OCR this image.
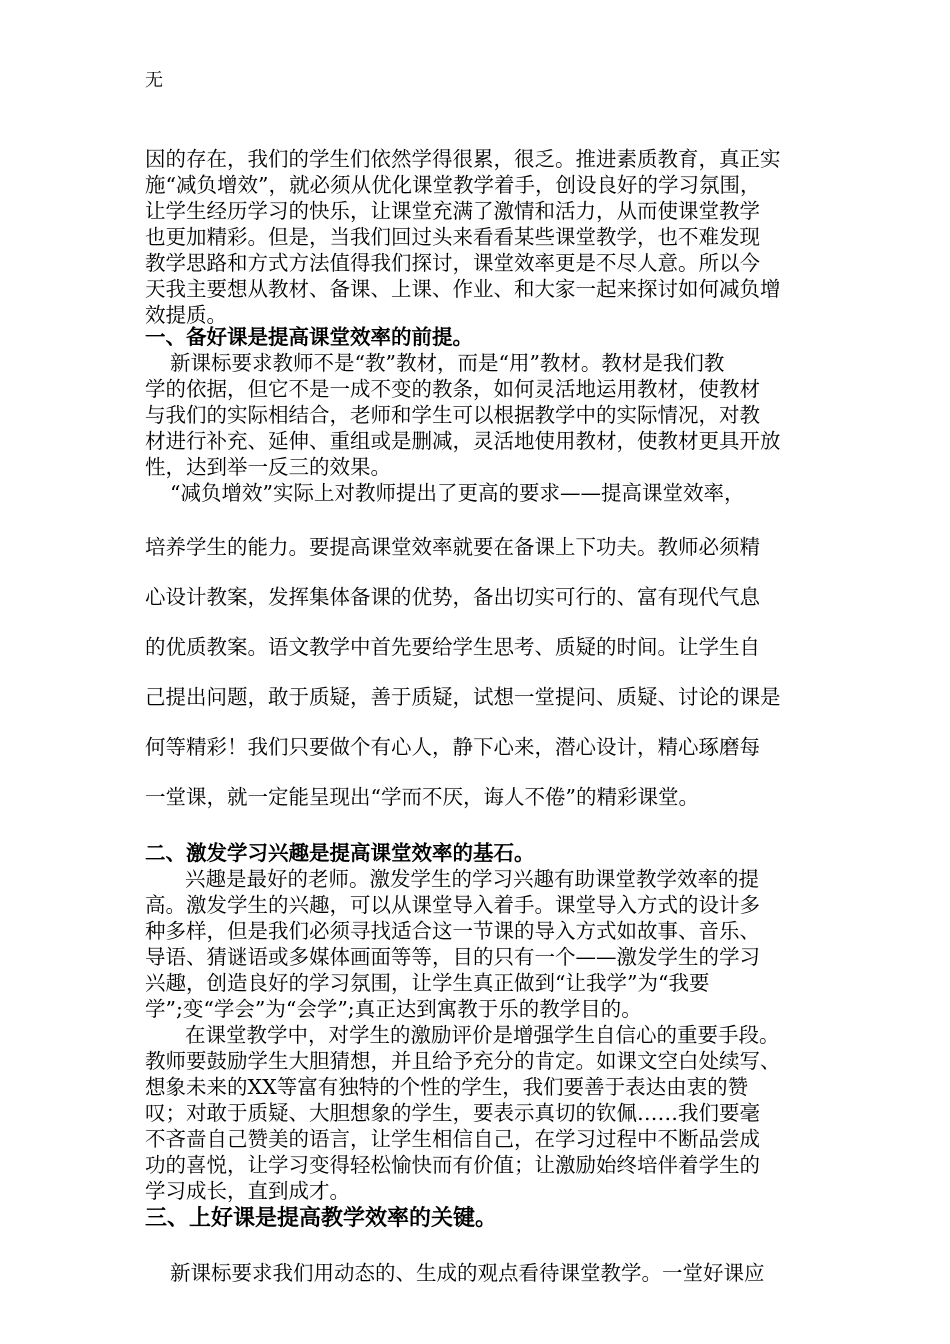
无
因的存在，我们的学生们依然学得很累，很乏。推进素质教育，真正实
施“减负增效”，就必须从优化课堂教学着手，创设良好的学习氛围，
让学生经历学习的快乐，让课堂充满了激情和活力，从而使课堂教学
也更加精彩。但是，当我们回过头来看看某些课堂教学，也不难发现
教学思路和方式方法值得我们探讨，课堂效率更是不尽人意。所以今
天我主要想从教材、备课、上课、作业、和大家一起来探讨如何减负增
效提质。
一、备好课是提高课堂效率的前提。
新课标要求教师不是“教”教材，而是“用”教材。教材是我们教
学的依据，但它不是一成不变的教条，如何灵活地运用教材，使教材
与我们的实际相结合，老师和学生可以根据教学中的实际情况，对教
材进行补充、延伸、重组或是删减，灵活地使用教材，使教材更具开放
性，达到举一反三的效果。
“减负增效”实际上对教师提出了更高的要求——提高课堂效率，
培养学生的能力。要提高课堂效率就要在备课上下功夫。教师必须精
心设计教案，发挥集体备课的优势，备出切实可行的、富有现代气息
的优质教案。语文教学中首先要给学生思考、质疑的时间。让学生自
己提出问题，敢于质疑，善于质疑，试想一堂提问、质疑、讨论的课是
何等精彩！我们只要做个有心人，静下心来，潜心设计，精心琢磨每
一堂课，就一定能呈现出“学而不厌，诲人不倦”的精彩课堂。
二、激发学习兴趣是提高课堂效率的基石。
兴趣是最好的老师。激发学生的学习兴趣有助课堂教学效率的提
高。激发学生的兴趣，可以从课堂导入着手。课堂导入方式的设计多
种多样，但是我们必须寻找适合这一节课的导入方式如故事、音乐、
导语、猜谜语或多媒体画面等等，目的只有一个——激发学生的学习
兴趣，创造良好的学习氛围，让学生真正做到“让我学”为“我要
学”;变“学会”为“会学”;真正达到寓教于乐的教学目的。
在课堂教学中，对学生的激励评价是增强学生自信心的重要手段。
教师要鼓励学生大胆猜想，并且给予充分的肯定。如课文空白处续写、
想象未来的XX等富有独特的个性的学生，我们要善于表达由衷的赞
叹；对敢于质疑、大胆想象的学生，要表示真切的钦佩……我们要毫
不吝啬自己赞美的语言，让学生相信自己，在学习过程中不断品尝成
功的喜悦，让学习变得轻松愉快而有价值；让激励始终培伴着学生的
学习成长，直到成才。
三、上好课是提高教学效率的关键。
新课标要求我们用动态的、生成的观点看待课堂教学。一堂好课应
